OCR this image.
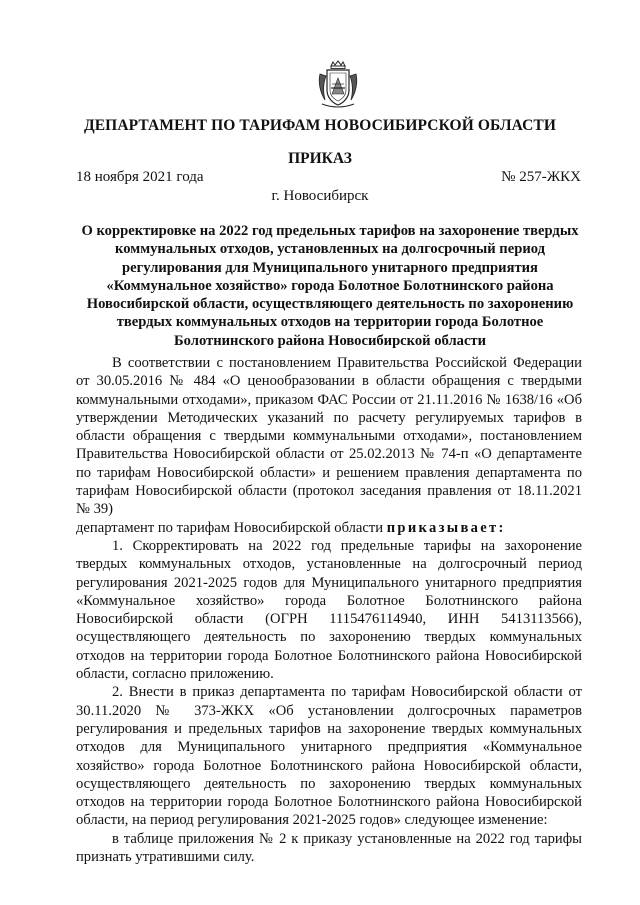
ДЕПАРТАМЕНТ ПО ТАРИФАМ НОВОСИБИРСКОЙ ОБЛАСТИ
ПРИКАЗ
18 ноября 2021 года	№ 257-ЖКХ
г. Новосибирск
О корректировке на 2022 год предельных тарифов на захоронение твердых коммунальных отходов, установленных на долгосрочный период регулирования для Муниципального унитарного предприятия «Коммунальное хозяйство» города Болотное Болотнинского района Новосибирской области, осуществляющего деятельность по захоронению твердых коммунальных отходов на территории города Болотное Болотнинского района Новосибирской области

В соответствии с постановлением Правительства Российской Федерации от 30.05.2016 № 484 «О ценообразовании в области обращения с твердыми коммунальными отходами», приказом ФАС России от 21.11.2016 № 1638/16 «Об утверждении Методических указаний по расчету регулируемых тарифов в области обращения с твердыми коммунальными отходами», постановлением Правительства Новосибирской области от 25.02.2013 № 74-п «О департаменте по тарифам Новосибирской области» и решением правления департамента по тарифам Новосибирской области (протокол заседания правления от 18.11.2021 № 39)

департамент по тарифам Новосибирской области приказывает:

1. Скорректировать на 2022 год предельные тарифы на захоронение твердых коммунальных отходов, установленные на долгосрочный период регулирования 2021-2025 годов для Муниципального унитарного предприятия «Коммунальное хозяйство» города Болотное Болотнинского района Новосибирской области (ОГРН 1115476114940, ИНН 5413113566), осуществляющего деятельность по захоронению твердых коммунальных отходов на территории города Болотное Болотнинского района Новосибирской области, согласно приложению.

2. Внести в приказ департамента по тарифам Новосибирской области от 30.11.2020 № 373-ЖКХ «Об установлении долгосрочных параметров регулирования и предельных тарифов на захоронение твердых коммунальных отходов для Муниципального унитарного предприятия «Коммунальное хозяйство» города Болотное Болотнинского района Новосибирской области, осуществляющего деятельность по захоронению твердых коммунальных отходов на территории города Болотное Болотнинского района Новосибирской области, на период регулирования 2021-2025 годов» следующее изменение:

в таблице приложения № 2 к приказу установленные на 2022 год тарифы признать утратившими силу.
